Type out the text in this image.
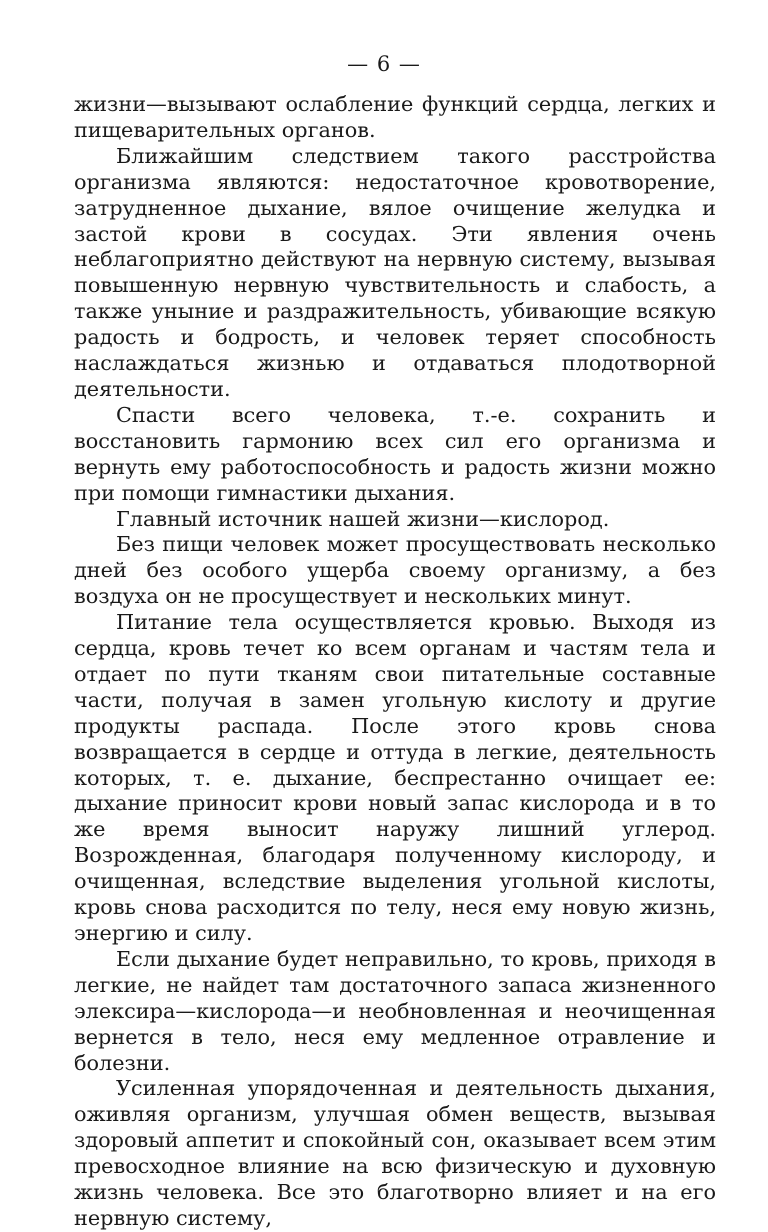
— 6 —

жизни—вызывают ослабление функций сердца, легких и пищеварительных органов.

Ближайшим следствием такого расстройства организма являются: недостаточное кровотворение, затрудненное дыхание, вялое очищение желудка и застой крови в сосудах. Эти явления очень неблагоприятно действуют на нервную систему, вызывая повышенную нервную чувствительность и слабость, а также уныние и раздражительность, убивающие всякую радость и бодрость, и человек теряет способность наслаждаться жизнью и отдаваться плодотворной деятельности.

Спасти всего человека, т.-е. сохранить и восстановить гармонию всех сил его организма и вернуть ему работоспособность и радость жизни можно при помощи гимнастики дыхания.

Главный источник нашей жизни—кислород.

Без пищи человек может просуществовать несколько дней без особого ущерба своему организму, а без воздуха он не просуществует и нескольких минут.

Питание тела осуществляется кровью. Выходя из сердца, кровь течет ко всем органам и частям тела и отдает по пути тканям свои питательные составные части, получая в замен угольную кислоту и другие продукты распада. После этого кровь снова возвращается в сердце и оттуда в легкие, деятельность которых, т. е. дыхание, беспрестанно очищает ее: дыхание приносит крови новый запас кислорода и в то же время выносит наружу лишний углерод. Возрожденная, благодаря полученному кислороду, и очищенная, вследствие выделения угольной кислоты, кровь снова расходится по телу, неся ему новую жизнь, энергию и силу.

Если дыхание будет неправильно, то кровь, приходя в легкие, не найдет там достаточного запаса жизненного элексира—кислорода—и необновленная и неочищенная вернется в тело, неся ему медленное отравление и болезни.

Усиленная упорядоченная и деятельность дыхания, оживляя организм, улучшая обмен веществ, вызывая здоровый аппетит и спокойный сон, оказывает всем этим превосходное влияние на всю физическую и духовную жизнь человека. Все это благотворно влияет и на его нервную систему,
